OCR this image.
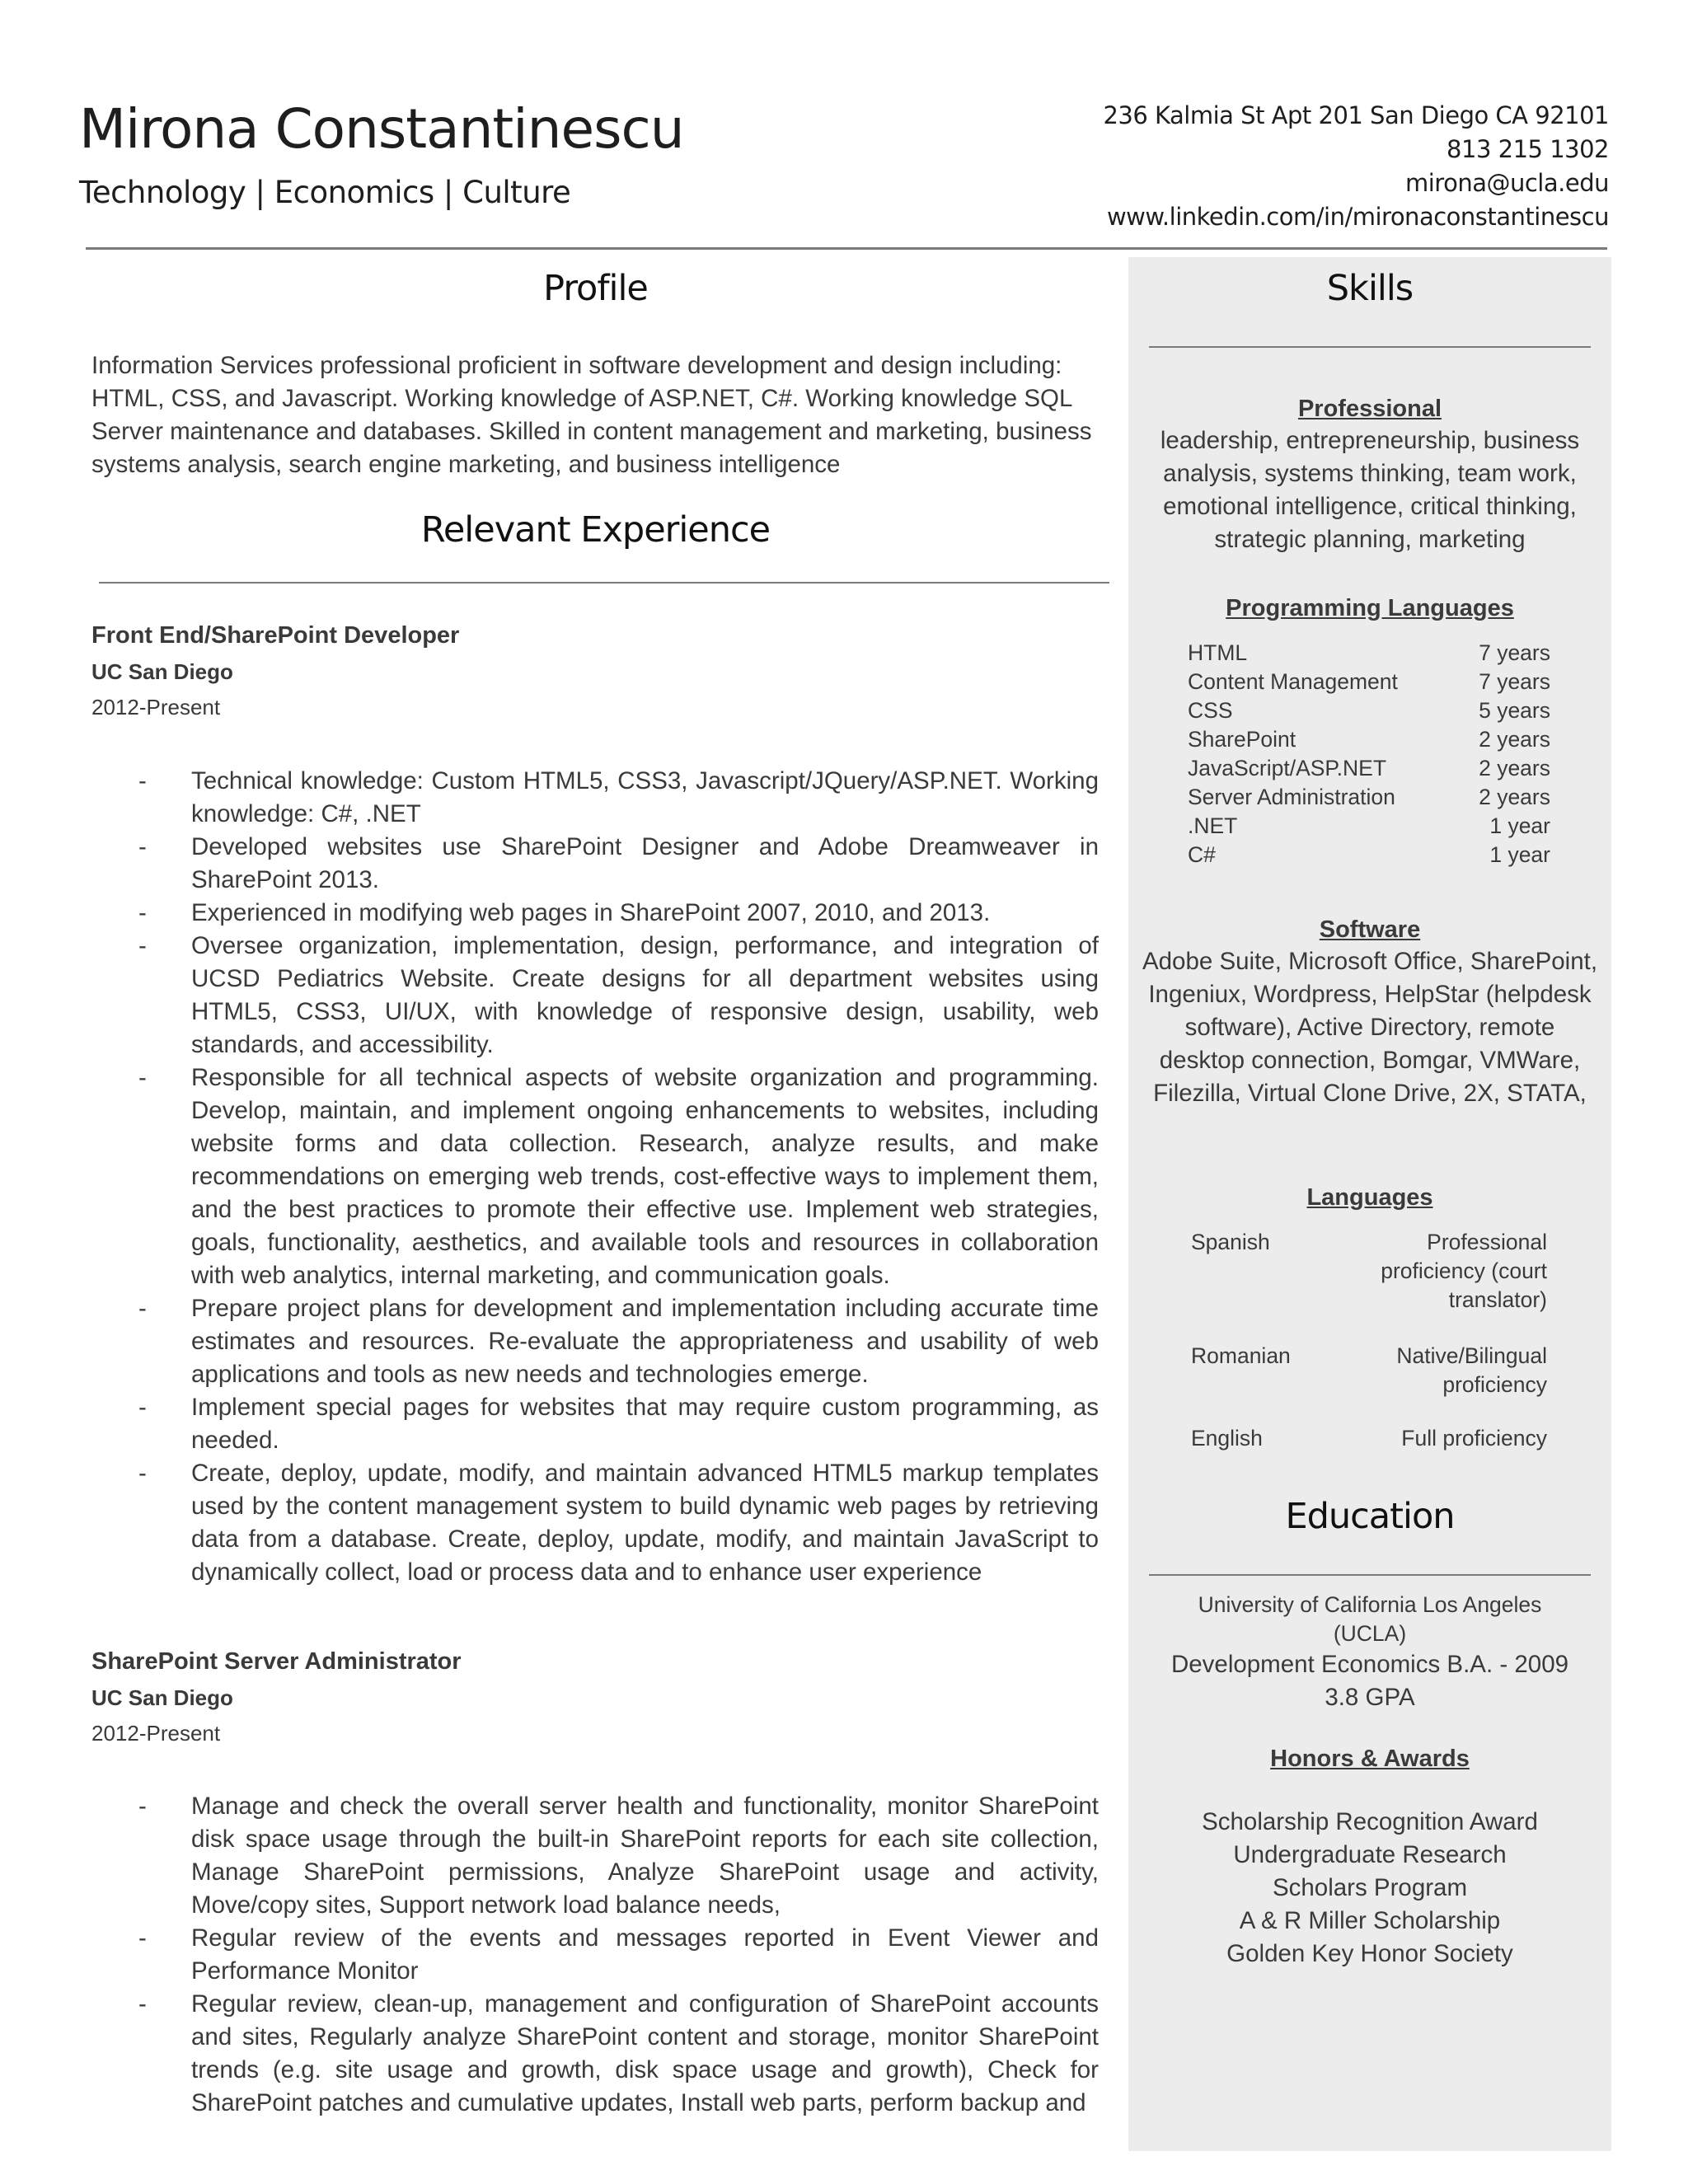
Mirona Constantinescu
Technology | Economics | Culture
236 Kalmia St Apt 201 San Diego CA 92101
813 215 1302
mirona@ucla.edu
www.linkedin.com/in/mironaconstantinescu
Profile
Information Services professional proficient in software development and design including: HTML, CSS, and Javascript. Working knowledge of ASP.NET, C#. Working knowledge SQL Server maintenance and databases. Skilled in content management and marketing, business systems analysis, search engine marketing, and business intelligence
Relevant Experience
Front End/SharePoint Developer
UC San Diego
2012-Present
- Technical knowledge: Custom HTML5, CSS3, Javascript/JQuery/ASP.NET. Working knowledge: C#, .NET
- Developed websites use SharePoint Designer and Adobe Dreamweaver in SharePoint 2013.
- Experienced in modifying web pages in SharePoint 2007, 2010, and 2013.
- Oversee organization, implementation, design, performance, and integration of UCSD Pediatrics Website. Create designs for all department websites using HTML5, CSS3, UI/UX, with knowledge of responsive design, usability, web standards, and accessibility.
- Responsible for all technical aspects of website organization and programming. Develop, maintain, and implement ongoing enhancements to websites, including website forms and data collection. Research, analyze results, and make recommendations on emerging web trends, cost-effective ways to implement them, and the best practices to promote their effective use. Implement web strategies, goals, functionality, aesthetics, and available tools and resources in collaboration with web analytics, internal marketing, and communication goals.
- Prepare project plans for development and implementation including accurate time estimates and resources. Re-evaluate the appropriateness and usability of web applications and tools as new needs and technologies emerge.
- Implement special pages for websites that may require custom programming, as needed.
- Create, deploy, update, modify, and maintain advanced HTML5 markup templates used by the content management system to build dynamic web pages by retrieving data from a database. Create, deploy, update, modify, and maintain JavaScript to dynamically collect, load or process data and to enhance user experience
SharePoint Server Administrator
UC San Diego
2012-Present
- Manage and check the overall server health and functionality, monitor SharePoint disk space usage through the built-in SharePoint reports for each site collection, Manage SharePoint permissions, Analyze SharePoint usage and activity, Move/copy sites, Support network load balance needs,
- Regular review of the events and messages reported in Event Viewer and Performance Monitor
- Regular review, clean-up, management and configuration of SharePoint accounts and sites, Regularly analyze SharePoint content and storage, monitor SharePoint trends (e.g. site usage and growth, disk space usage and growth), Check for SharePoint patches and cumulative updates, Install web parts, perform backup and
Skills
Professional
leadership, entrepreneurship, business analysis, systems thinking, team work, emotional intelligence, critical thinking, strategic planning, marketing
Programming Languages
HTML	7 years
Content Management	7 years
CSS	5 years
SharePoint	2 years
JavaScript/ASP.NET	2 years
Server Administration	2 years
.NET	1 year
C#	1 year
Software
Adobe Suite, Microsoft Office, SharePoint, Ingeniux, Wordpress, HelpStar (helpdesk software), Active Directory, remote desktop connection, Bomgar, VMWare, Filezilla, Virtual Clone Drive, 2X, STATA,
Languages
Spanish	Professional proficiency (court translator)
Romanian	Native/Bilingual proficiency
English	Full proficiency
Education
University of California Los Angeles (UCLA)
Development Economics B.A. - 2009
3.8 GPA
Honors & Awards
Scholarship Recognition Award
Undergraduate Research Scholars Program
A & R Miller Scholarship
Golden Key Honor Society
